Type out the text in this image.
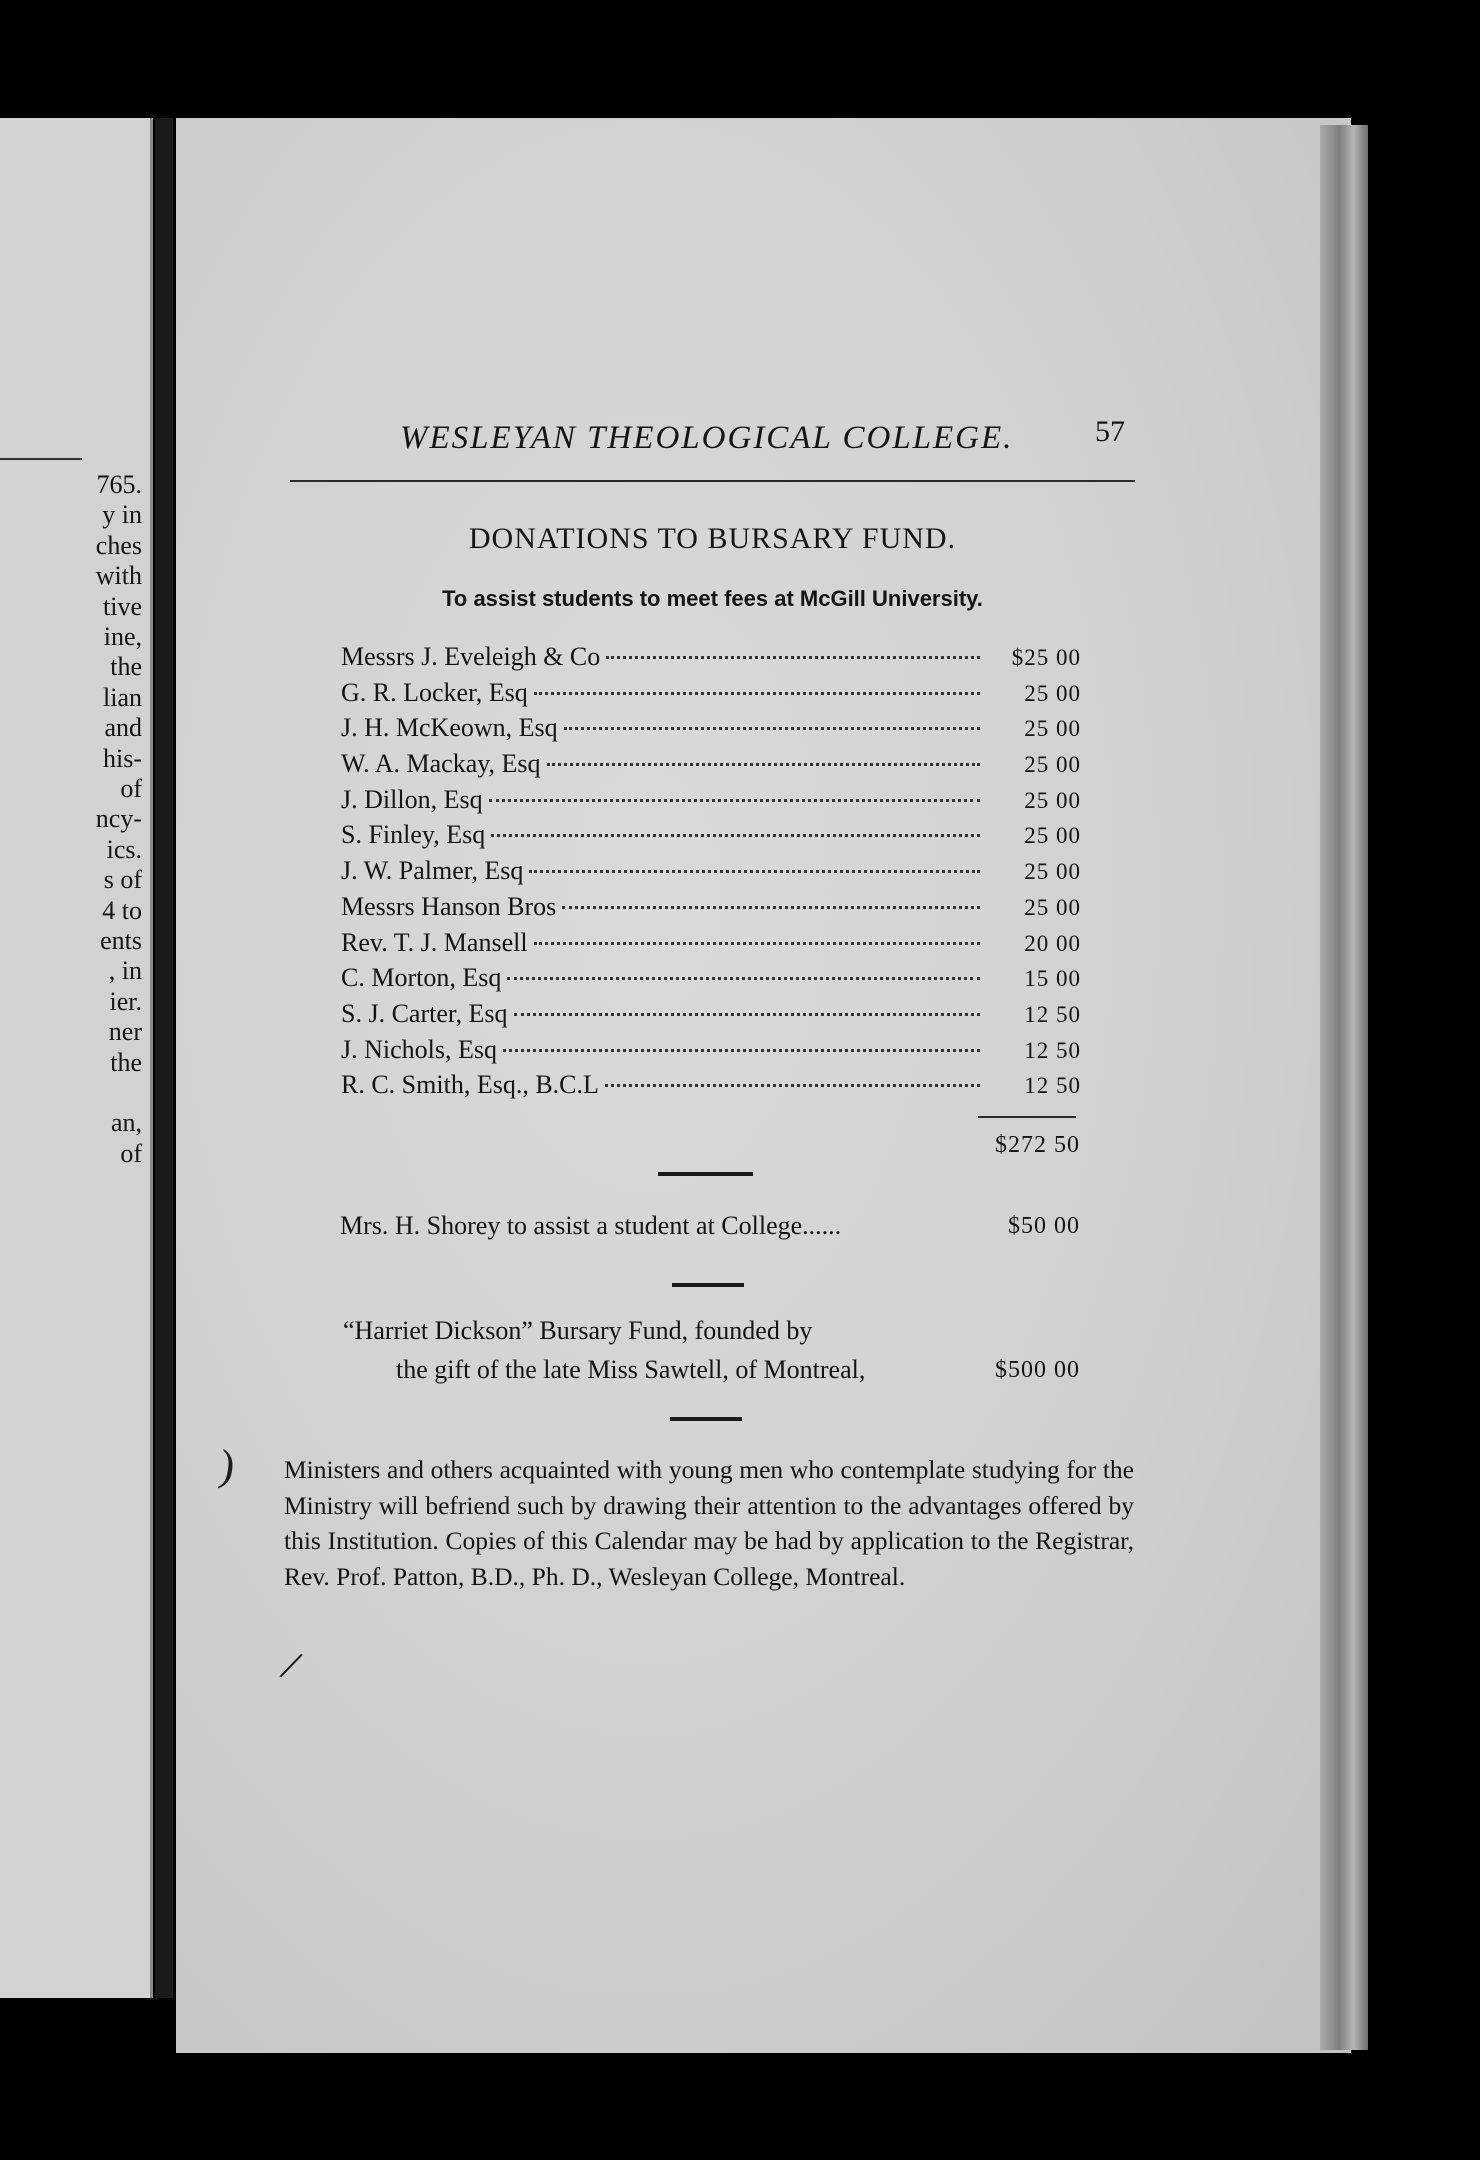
765.
y in
ches
with
tive
ine,
the
lian
and
his-
of
ncy-
ics.
s of
4 to
ents
, in
ier.
ner
the
an,
of
WESLEYAN THEOLOGICAL COLLEGE.	57
DONATIONS TO BURSARY FUND.
To assist students to meet fees at McGill University.
Messrs J. Eveleigh & Co	$25 00
G. R. Locker, Esq	25 00
J. H. McKeown, Esq	25 00
W. A. Mackay, Esq	25 00
J. Dillon, Esq	25 00
S. Finley, Esq	25 00
J. W. Palmer, Esq	25 00
Messrs Hanson Bros	25 00
Rev. T. J. Mansell	20 00
C. Morton, Esq	15 00
S. J. Carter, Esq	12 50
J. Nichols, Esq	12 50
R. C. Smith, Esq., B.C.L	12 50
$272 50
Mrs. H. Shorey to assist a student at College......	$50 00
“Harriet Dickson” Bursary Fund, founded by
the gift of the late Miss Sawtell, of Montreal,	$500 00
Ministers and others acquainted with young men who contemplate studying for the Ministry will befriend such by drawing their attention to the advantages offered by this Institution. Copies of this Calendar may be had by application to the Registrar, Rev. Prof. Patton, B.D., Ph. D., Wesleyan College, Montreal.
)
/
